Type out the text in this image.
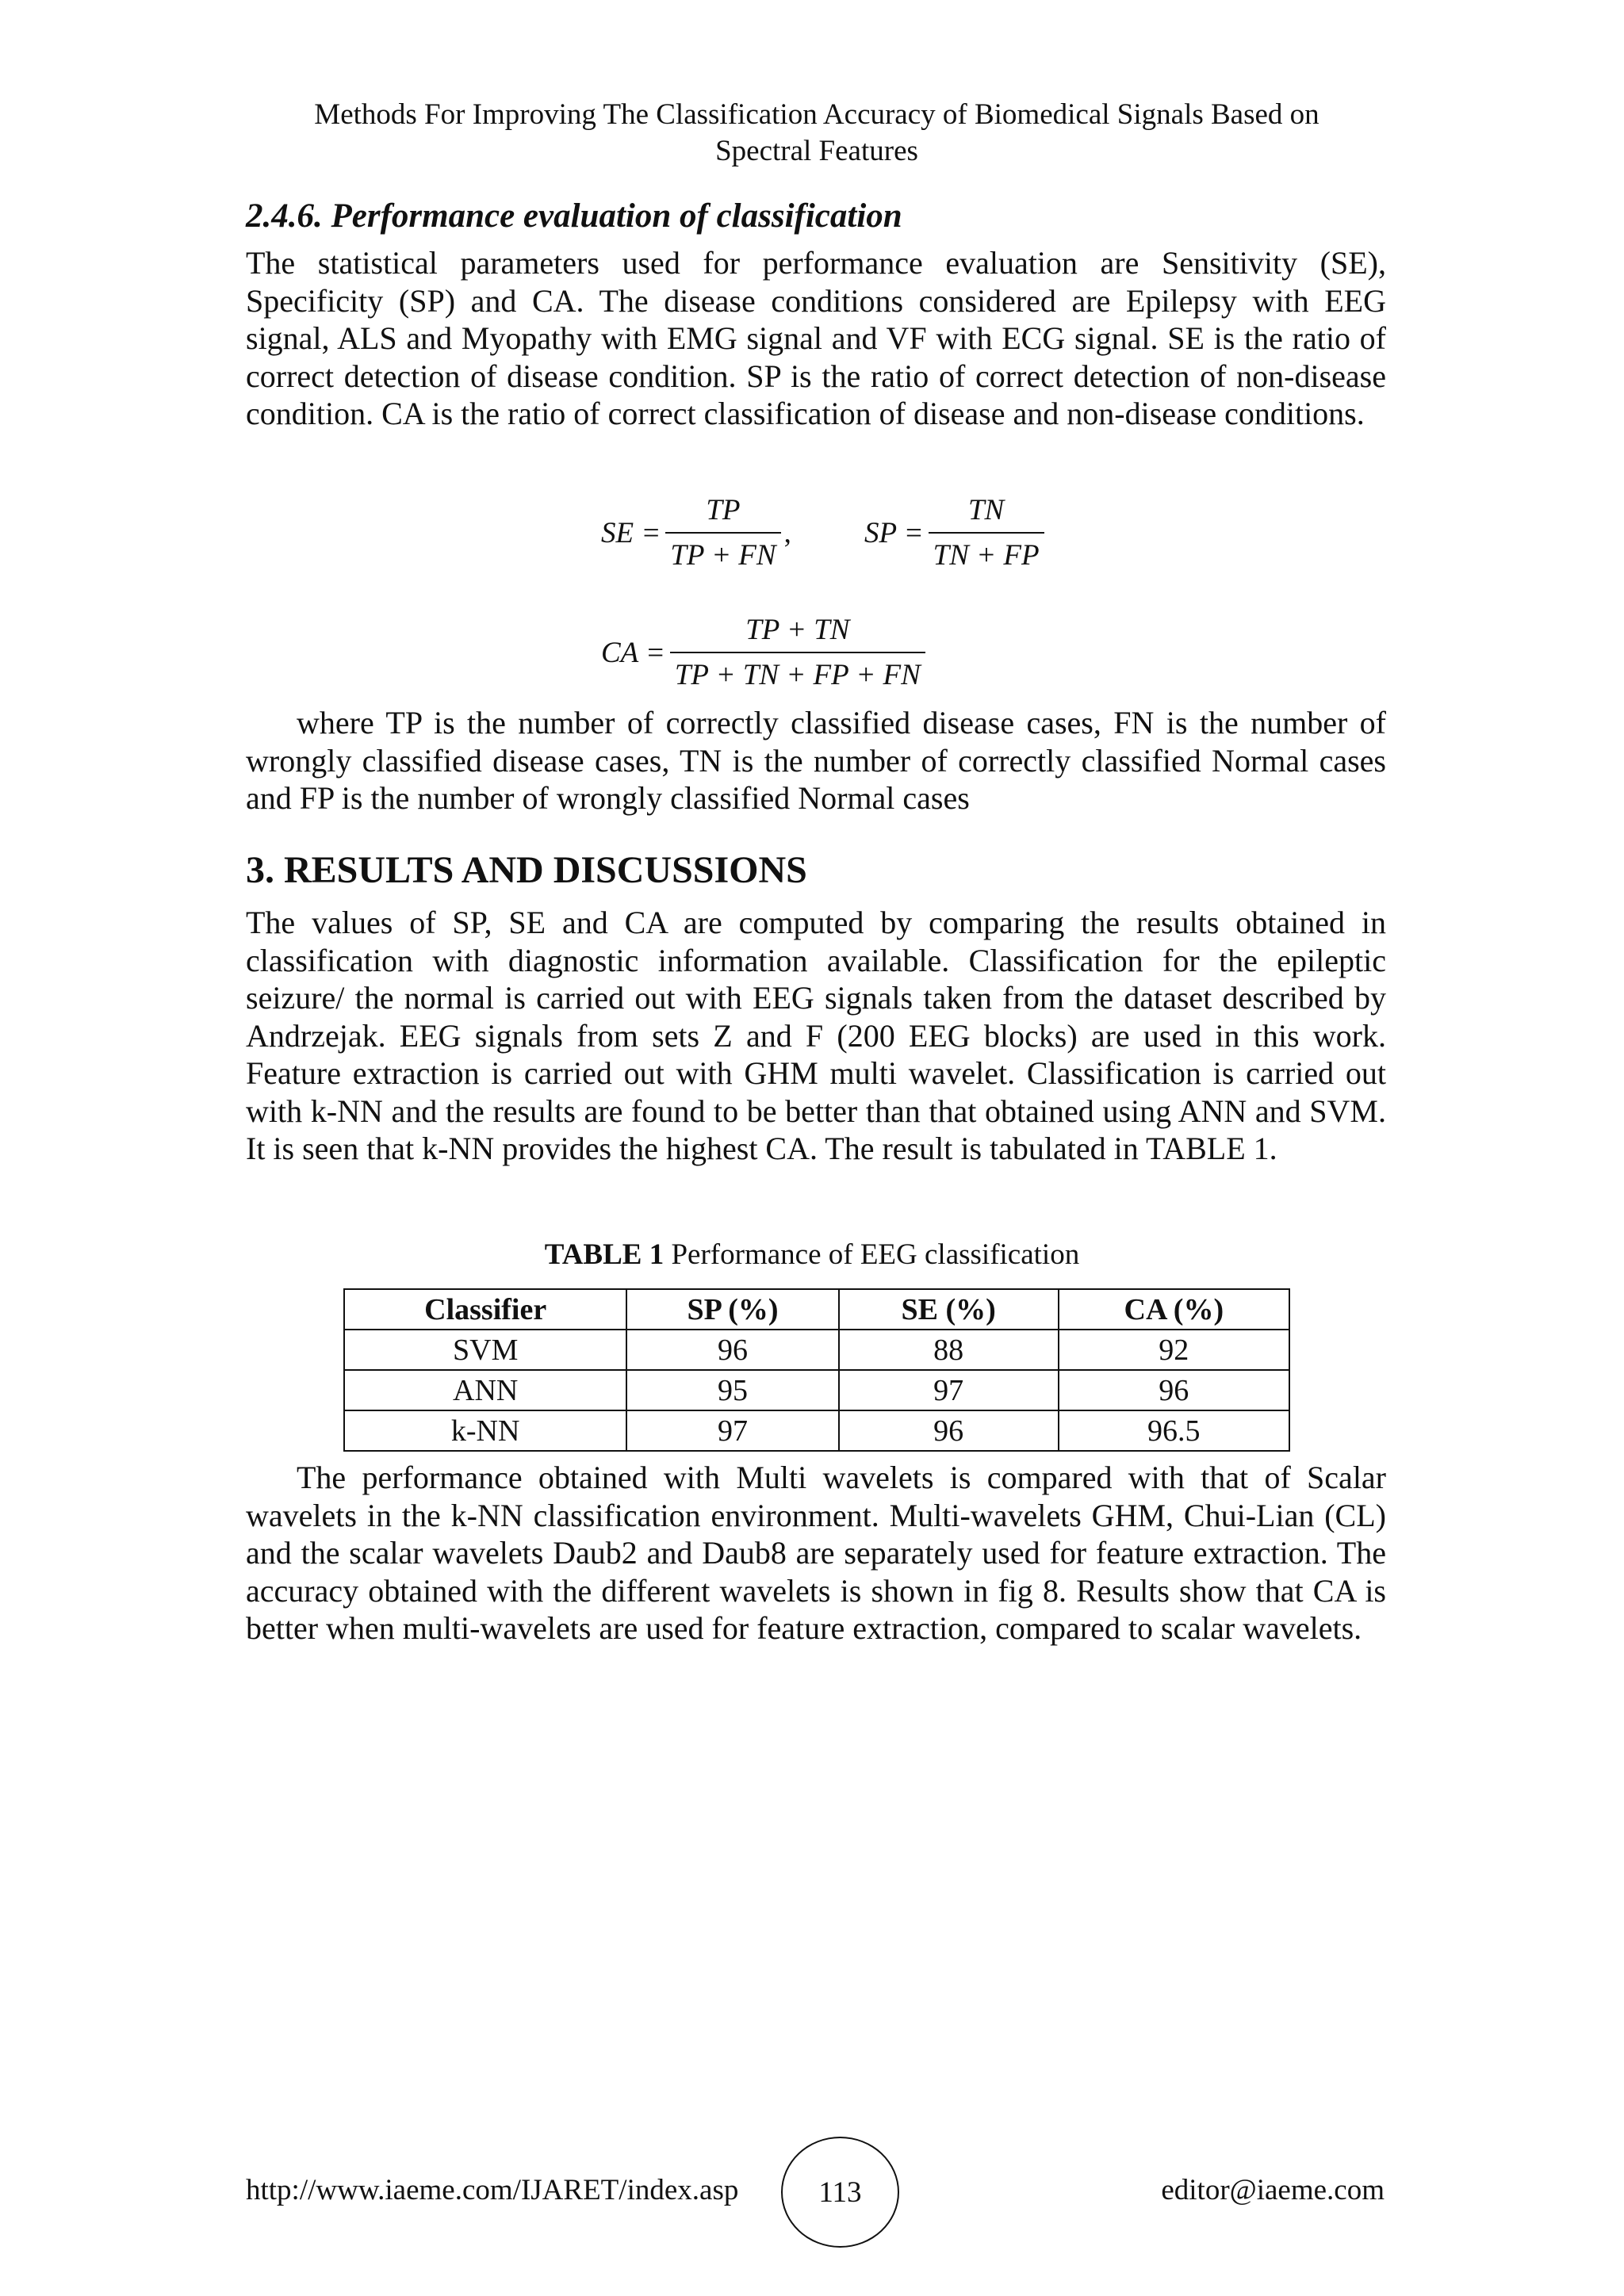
Methods For Improving The Classification Accuracy of Biomedical Signals Based on
Spectral Features
2.4.6. Performance evaluation of classification

The statistical parameters used for performance evaluation are Sensitivity (SE), Specificity (SP) and CA. The disease conditions considered are Epilepsy with EEG signal, ALS and Myopathy with EMG signal and VF with ECG signal. SE is the ratio of correct detection of disease condition. SP is the ratio of correct detection of non-disease condition. CA is the ratio of correct classification of disease and non-disease conditions.

SE = $\frac{TP}{TP + FN}$ , SP = $\frac{TN}{TN + FP}$
CA = $\frac{TP + TN}{TP + TN + FP + FN}$

where TP is the number of correctly classified disease cases, FN is the number of wrongly classified disease cases, TN is the number of correctly classified Normal cases and FP is the number of wrongly classified Normal cases

3. RESULTS AND DISCUSSIONS

The values of SP, SE and CA are computed by comparing the results obtained in classification with diagnostic information available. Classification for the epileptic seizure/ the normal is carried out with EEG signals taken from the dataset described by Andrzejak. EEG signals from sets Z and F (200 EEG blocks) are used in this work. Feature extraction is carried out with GHM multi wavelet. Classification is carried out with k-NN and the results are found to be better than that obtained using ANN and SVM. It is seen that k-NN provides the highest CA. The result is tabulated in TABLE 1.

TABLE 1 Performance of EEG classification
Classifier	SP (%)	SE (%)	CA (%)
SVM	96	88	92
ANN	95	97	96
k-NN	97	96	96.5

The performance obtained with Multi wavelets is compared with that of Scalar wavelets in the k-NN classification environment. Multi-wavelets GHM, Chui-Lian (CL) and the scalar wavelets Daub2 and Daub8 are separately used for feature extraction. The accuracy obtained with the different wavelets is shown in fig 8. Results show that CA is better when multi-wavelets are used for feature extraction, compared to scalar wavelets.

http://www.iaeme.com/IJARET/index.asp	113	editor@iaeme.com
